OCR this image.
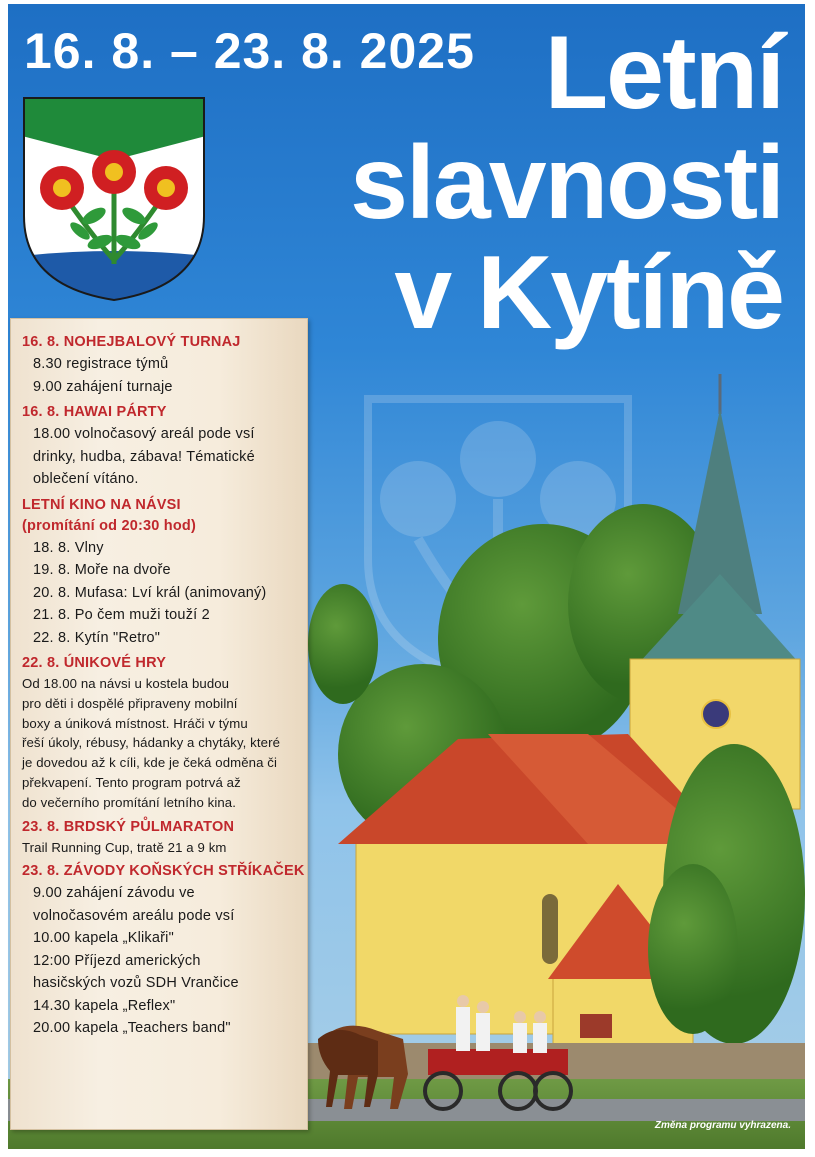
16. 8. – 23. 8. 2025 Letní
slavnosti
v Kytíně
Změna programu vyhrazena.
16. 8. NOHEJBALOVÝ TURNAJ
8.30 registrace týmů
9.00 zahájení turnaje
16. 8. HAWAI PÁRTY
18.00 volnočasový areál pode vsí
drinky, hudba, zábava! Tématické
oblečení vítáno.
LETNÍ KINO NA NÁVSI
(promítání od 20:30 hod)
18. 8. Vlny
19. 8. Moře na dvoře
20. 8. Mufasa: Lví král (animovaný)
21. 8. Po čem muži touží 2
22. 8. Kytín "Retro"
22. 8. ÚNIKOVÉ HRY
Od 18.00 na návsi u kostela budou
pro děti i dospělé připraveny mobilní
boxy a úniková místnost. Hráči v týmu
řeší úkoly, rébusy, hádanky a chytáky, které
je dovedou až k cíli, kde je čeká odměna či
překvapení. Tento program potrvá až
do večerního promítání letního kina.
23. 8. BRDSKÝ PŮLMARATON
Trail Running Cup, tratě 21 a 9 km
23. 8. ZÁVODY KOŇSKÝCH STŘÍKAČEK
9.00 zahájení závodu ve
volnočasovém areálu pode vsí
10.00 kapela „Klikaři"
12:00 Příjezd amerických
hasičských vozů SDH Vrančice
14.30 kapela „Reflex"
20.00 kapela „Teachers band"
